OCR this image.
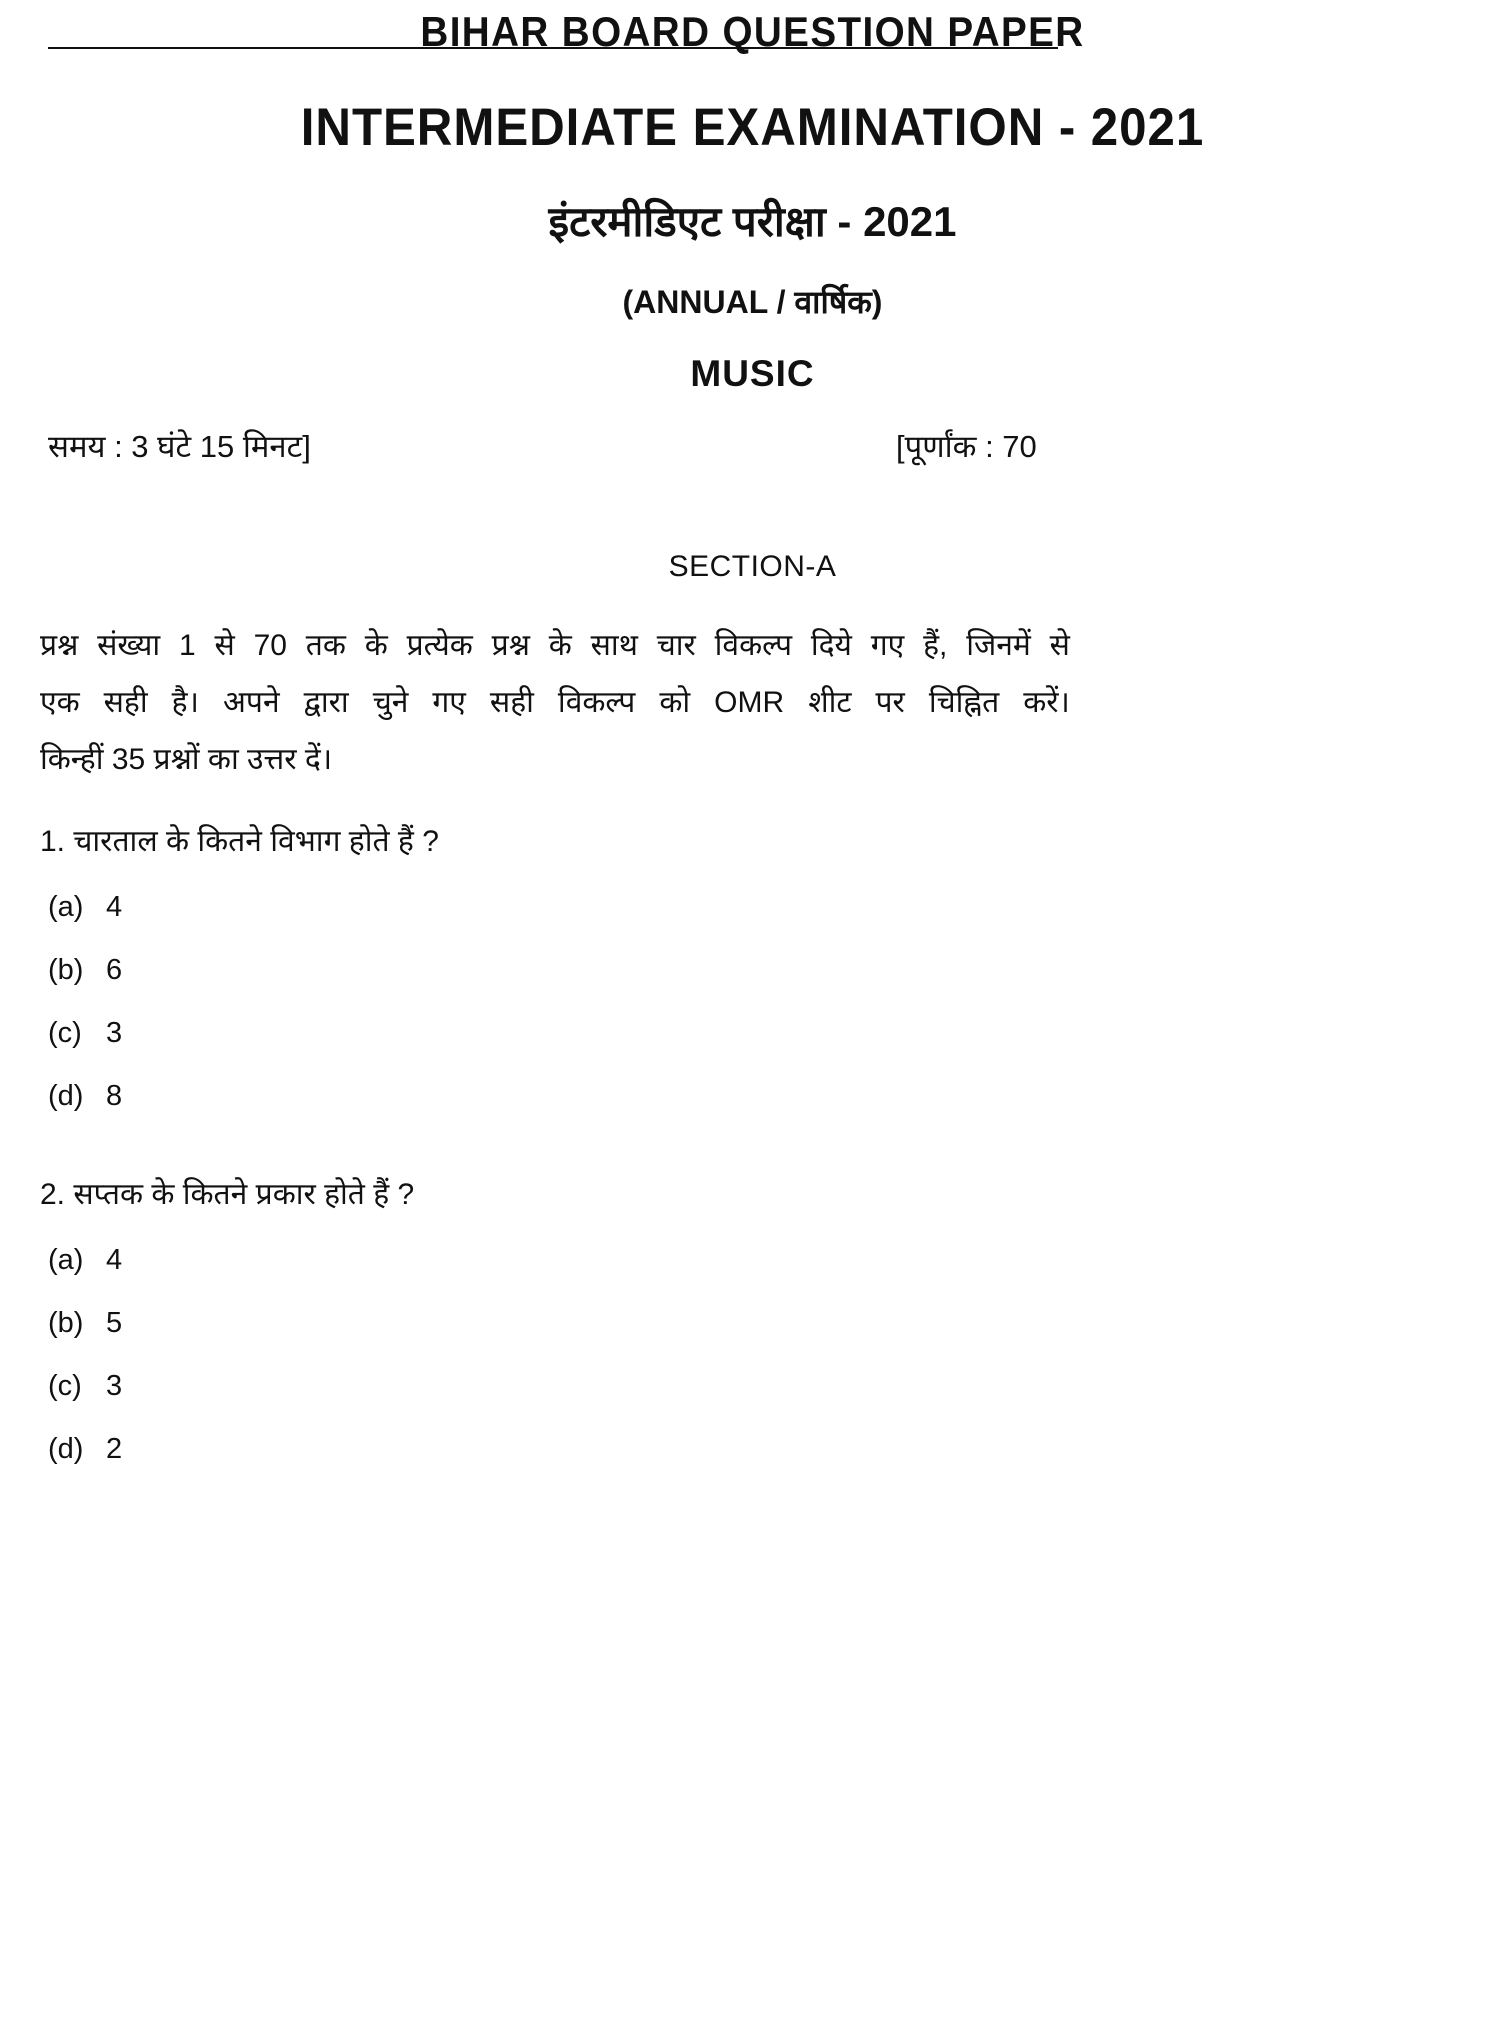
BIHAR BOARD QUESTION PAPER
INTERMEDIATE EXAMINATION - 2021
इंटरमीडिएट परीक्षा - 2021
(ANNUAL / वार्षिक)
MUSIC
समय : 3 घंटे 15 मिनट]	[पूर्णांक : 70
SECTION-A
प्रश्न संख्या 1 से 70 तक के प्रत्येक प्रश्न के साथ चार विकल्प दिये गए हैं, जिनमें से
एक सही है। अपने द्वारा चुने गए सही विकल्प को OMR शीट पर चिह्नित करें।
किन्हीं 35 प्रश्नों का उत्तर दें।
1. चारताल के कितने विभाग होते हैं ?
(a) 4
(b) 6
(c) 3
(d) 8
2. सप्तक के कितने प्रकार होते हैं ?
(a) 4
(b) 5
(c) 3
(d) 2
